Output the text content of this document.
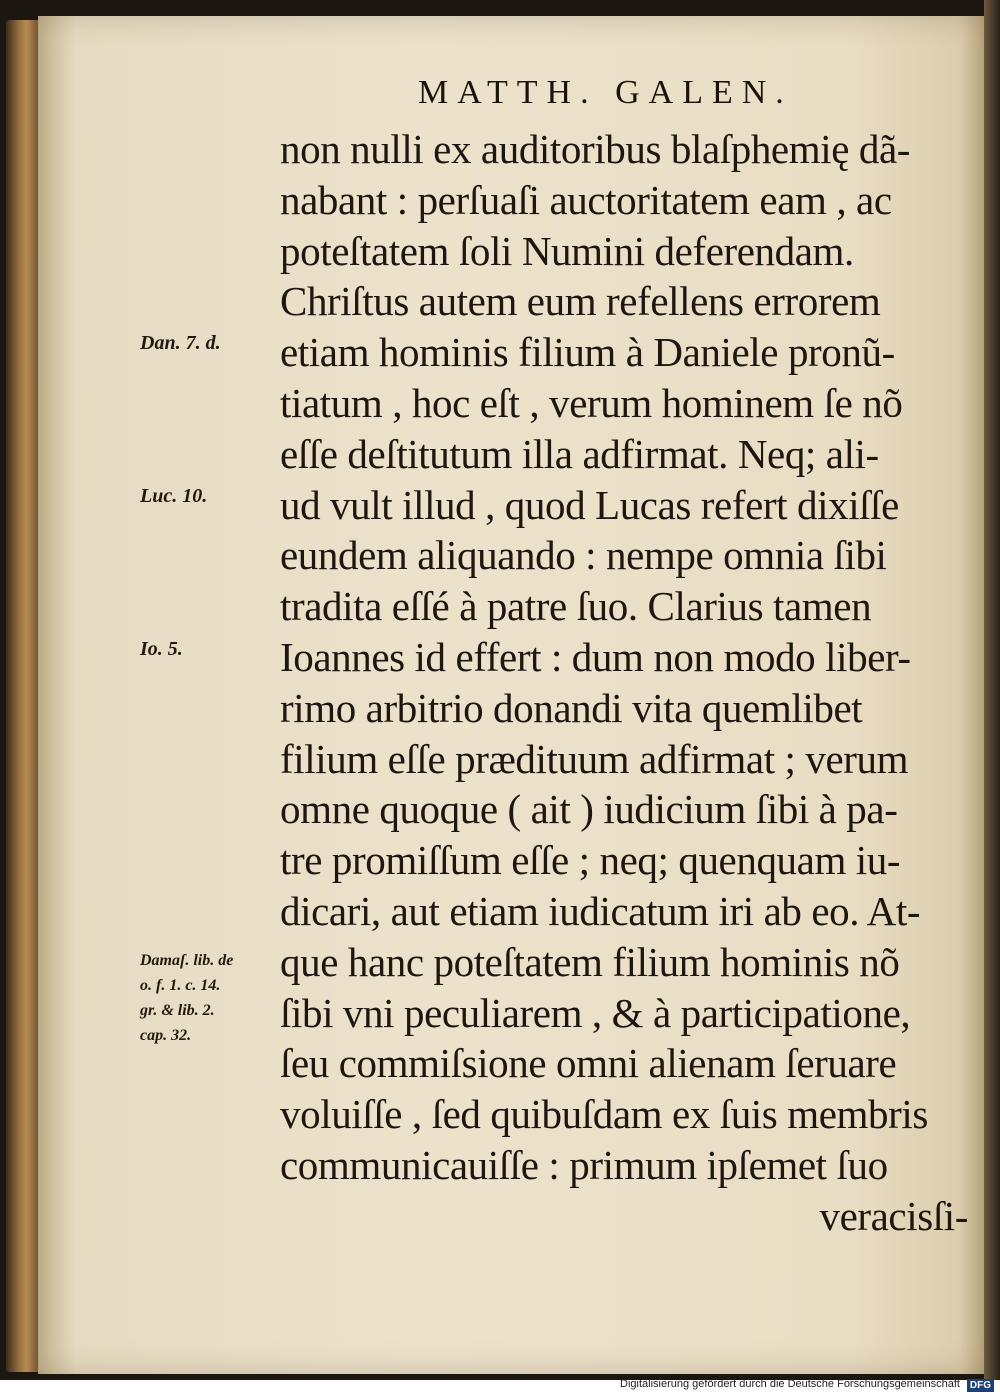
MATTH. GALEN.
Dan. 7. d.
Luc. 10.
Io. 5.
Damaſ. lib. de
o. f. 1. c. 14.
gr. & lib. 2.
cap. 32.
non nulli ex auditoribus blaſphemię dã-
nabant : perſuaſi auctoritatem eam , ac
poteſtatem ſoli Numini deferendam.
Chriſtus autem eum refellens errorem
etiam hominis filium à Daniele pronũ-
tiatum , hoc eſt , verum hominem ſe nõ
eſſe deſtitutum illa adfirmat. Neq; ali-
ud vult illud , quod Lucas refert dixiſſe
eundem aliquando : nempe omnia ſibi
tradita eſſé à patre ſuo. Clarius tamen
Ioannes id effert : dum non modo liber-
rimo arbitrio donandi vita quemlibet
filium eſſe prædituum adfirmat ; verum
omne quoque ( ait ) iudicium ſibi à pa-
tre promiſſum eſſe ; neq; quenquam iu-
dicari, aut etiam iudicatum iri ab eo. At-
que hanc poteſtatem filium hominis nõ
ſibi vni peculiarem , & à participatione,
ſeu commiſsione omni alienam ſeruare
voluiſſe , ſed quibuſdam ex ſuis membris
communicauiſſe : primum ipſemet ſuo
veracisſi-
Digitalisierung gefördert durch die Deutsche Forschungsgemeinschaft DFG
